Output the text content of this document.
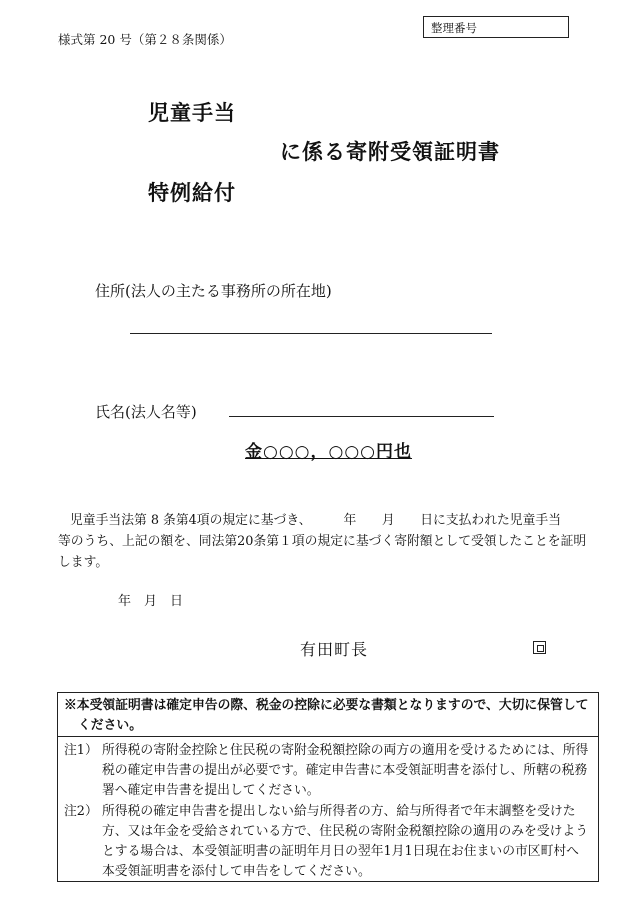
様式第 20 号（第２８条関係）
整理番号
児童手当
に係る寄附受領証明書
特例給付
住所(法人の主たる事務所の所在地)
氏名(法人名等)
金○○○，○○○円也

児童手当法第 8 条第4項の規定に基づき、　　　年　　月　　日に支払われた児童手当

等のうち、上記の額を、同法第20条第１項の規定に基づく寄附額として受領したことを証明

します。

年　月　日
有田町長
※本受領証明書は確定申告の際、税金の控除に必要な書類となりますので、大切に保管して
ください。
注1） 所得税の寄附金控除と住民税の寄附金税額控除の両方の適用を受けるためには、所得税の確定申告書の提出が必要です。確定申告書に本受領証明書を添付し、所轄の税務署へ確定申告書を提出してください。
注2） 所得税の確定申告書を提出しない給与所得者の方、給与所得者で年末調整を受けた方、又は年金を受給されている方で、住民税の寄附金税額控除の適用のみを受けようとする場合は、本受領証明書の証明年月日の翌年1月1日現在お住まいの市区町村へ本受領証明書を添付して申告をしてください。
